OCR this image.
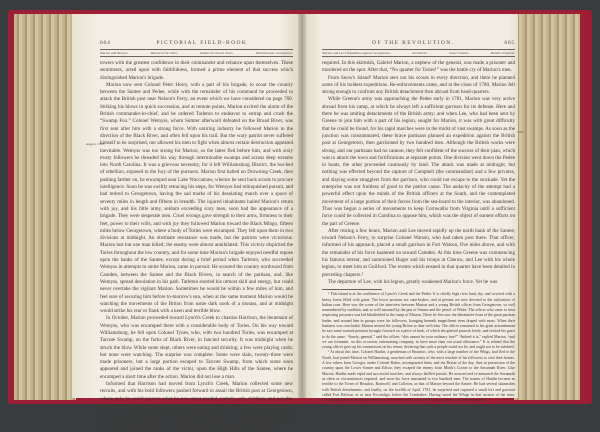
664	PICTORIAL FIELD-BOOK
Marion and Wemyss.	Retreat of the latter.	Defeat of Colonel Tynes.	Skirmish near Georgetown.

towers with the greatest confidence in their commander and reliance upon themselves. These sentiments, acted upon with faithfulness, formed a prime element of that success which distinguished Marion's brigade.

Marion now sent Colonel Peter Horry, with a part of his brigade, to scour the country between the Santee and Pedee, while with the remainder of his command he proceeded to attack the British post near Nelson's Ferry, an event which we have considered on page 760. Striking his blows in quick succession, and at remote points, Marion excited the alarm of the British commander-in-chief, and he ordered Tarleton to endeavor to entrap and crush the “Swamp Fox.” Colonel Wemyss, whom Sumter afterward defeated on the Broad River, was first sent after him with a strong force. With untiring industry he followed Marion in the direction of the Black River, and often fell upon his trail. But the wary patriot never suffered himself to be surprised, nor allowed his men to fight when almost certain destruction appeared inevitable. Wemyss was too strong for Marion, so the latter fled before him, and with sixty trusty followers he threaded his way through interminable swamps and across deep streams into North Carolina. It was a grievous necessity, for it left Williamsburg District, the hot-bed of rebellion, exposed to the fury of the pursuers. Marion first halted on Drowning Creek, then pushing farther on, he encamped near Lake Waccamaw, whence he sent back scouts to procure intelligence. Soon he was swiftly retracing his steps, for Wemyss had relinquished pursuit, and had retired to Georgetown, having the sad marks of his desolating march over a space of seventy miles in length and fifteen in breadth. The injured inhabitants hailed Marion's return with joy, and his little army, seldom exceeding sixty men, soon had the appearance of a brigade. They were desperate men. Cruel wrongs gave strength to their arms, firmness to their feet, power to their wills, and with joy they followed Marion toward the Black Mingo, fifteen miles below Georgetown, where a body of Tories were encamped. They fell upon them in two divisions at midnight. An obstinate resistance was made, but the patriots were victorious. Marion lost but one man killed; the enemy were almost annihilated. This victory dispirited the Tories throughout the low country, and for some time Marion's brigade enjoyed needful repose upon the banks of the Santee, except during a brief period when Tarleton, who succeeded Wemyss in attempts to smite Marion, came in pursuit. He scoured the country northward from Camden, between the Santee and the Black Rivers, in search of the partisan, and, like Wemyss, spread desolation in his path. Tarleton exerted his utmost skill and energy, but could never overtake the vigilant Marion. Sometimes he would be within a few miles of him, and feel sure of securing him before to-morrow's sun, when at the same moment Marion would be watching the movements of the Briton from some dark nook of a morass, and at midnight would strike his rear or flank with a keen and terrible blow.

In October, Marion proceeded toward Lynch's Creek to chastise Harrison, the lieutenant of Wemyss, who was encamped there with a considerable body of Tories. On his way toward Williamsburg, he fell upon Colonel Tynes, who, with two hundred Tories, was encamped at Tarcote Swamp, on the forks of Black River, in fancied security. It was midnight when he struck the blow. While some slept, others were eating and drinking; a few were playing cards; but none were watching. The surprise was complete. Some were slain, twenty-three were made prisoners, but a large portion escaped to Tarcote Swamp, from which some soon appeared and joined the ranks of the victor, upon the High Hills of the Santee, where he encamped a short time after the action. Marion did not lose a man.

Informed that Harrison had moved from Lynch's Creek, Marion collected some new recruits, and with his bold followers pushed forward to assail the British post at Georgetown, whose only he could procure what he now most needed, namely, salt, clothing, and powder. He knew a surprise would be difficult, and an open assault dangerous. He chose the former method, but when he approached, the garrison was on the alert. A severe skirmish ensued within a short distance of the town, and Marion, discomfited, retired to Snow's Island, where he fixed his camp and secured it by such works of art as the absence of natural defenses

August, 1780.
OF THE REVOLUTION.	665
Marion and Lee's Expedition against Georgetown.	Its Failure.	Snow's Island.	Hardin's Exploits.

required. In this skirmish, Gabriel Marion, a nephew of the general, was made a prisoner and murdered on the spot. After that, “No quarter for Tories!” was the battle cry of Marion's men.

From Snow's Island¹ Marion sent out his scouts in every direction, and there he planned some of his boldest expeditions. Re-enforcements came, and at the close of 1780, Marion felt strong enough to confront any British detachment then abroad from head-quarters.

While Greene's army was approaching the Pedee early in 1781, Marion was very active abroad from his camp, at which he always left a sufficient garrison for its defense. Here and there he was smiting detachments of the British army; and when Lee, who had been sent by Greene to join him with a part of his legion, sought for Marion, it was with great difficulty that he could be found, for his rapid marches were in the midst of vast swamps. As soon as the junction was consummated, these brave partisans planned an expedition against the British post at Georgetown, then garrisoned by two hundred men. Although the British works were strong, and our partisans had no cannon, they felt confident of the success of their plan, which was to attack the town and fortifications at separate points. One division went down the Pedee in boats, the other proceeded cautiously by land. The attack was made at midnight, but nothing was effected beyond the capture of Campbell (the commandant) and a few privates, and slaying some stragglers from the garrison, who could not escape to the stockade. Yet the enterprise was not fruitless of good to the patriot cause. The audacity of the attempt had a powerful effect upon the minds of the British officers at the South, and the contemplated movement of a large portion of their forces from the sea-board to the interior, was abandoned. Thus was begun a series of movements to keep Cornwallis from Virginia until a sufficient force could be collected in Carolina to oppose him, which was the object of earnest efforts on the part of Greene.

After resting a few hours, Marion and Lee moved rapidly up the north bank of the Santee, toward Nelson's Ferry, to surprise Colonel Watson, who had taken post there. That officer, informed of his approach, placed a small garrison in Fort Watson, five miles above, and with the remainder of his force hastened on toward Camden. At this time Greene was commencing his famous retreat, and summoned Huger and his troops at Cheraw, and Lee with his whole legion, to meet him at Guilford. The events which ensued in that quarter have been detailed in preceding chapters.²

The departure of Lee, with his legion, greatly weakened Marion's force. Yet he was

¹ This island is at the confluence of Lynch's Creek and the Pedee. It is chiefly high river land, dry, and covered with a heavy forest filled with game. The lower portions are cane-brakes, and at present are now devoted to the cultivation of Indian corn. Here was the scene of the interview between Marion and a young British officer from Georgetown, so well remembered by tradition, and so well narrated by the pen of Simms and the pencil of White. The officer who came to treat respecting prisoners was led blindfolded to the camp of Marion. There he first saw the diminutive form of the great partisan leader, and around him in groups were his followers, lounging beneath magnificent trees draped with moss. When their business was concluded, Marion invited the young Briton to dine with him. The officer remained to his great astonishment he saw some roasted potatoes brought forward on a piece of bark, of which the general partook freely, and invited his guest to do the same. “Surely, general,” said the officer, “this cannot be your ordinary fare?” “Indeed it is,” replied Marion, “and we are fortunate, on this occasion, entertaining company, to have more than our usual allowance.” It is related that the young officer gave up his commission on his return, declaring that such a people could not be, and ought not to be subdued.

² At about this time, Colonel Hardin, a gentleman of Beaufort, who, with a large number of the Whigs, had fled to the North, had joined Marion on Williamsburg, marched with seventy of the most resolute of his followers to visit their homes. A few others from Georgia, under Colonel Baker, accompanied them, and the Briton of the day, then in possession of the country upon the Lower Santee and Edisto, they escaped the enemy from Monk's Corner to the Savannah River. Like Marion, Hardin made rapid and successful marches, and always baffled pursuit. He aroused and re-animated the Savannah as often as circumstances required, and soon his force amounted to two hundred men. The names of Hardin became as terrible to the Tories of Beaufort, Barnwell, and Colleton, as that of Marion beyond the Santee. He had several skirmishes with British detachments, and finally, on the twelfth of April, 1781, he surprised and captured a small fort and garrison called Fort Balfour, at or near Pocotaligo, below the Combahee. Having saved the Whigs in that section of the state, Colonel Hardin and his detachment joined the forces under General Pickens, higher up on the Savannah.

1781.
